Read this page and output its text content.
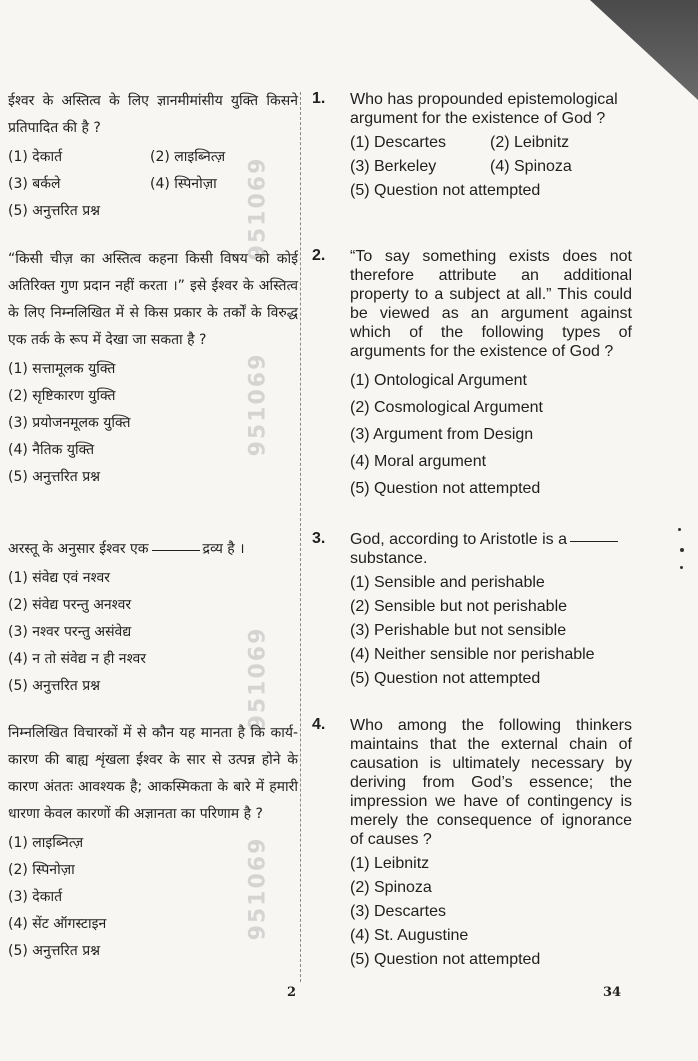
951069
951069
951069
951069

ईश्वर के अस्तित्व के लिए ज्ञानमीमांसीय युक्ति किसने प्रतिपादित की है ?

(1) देकार्त	(2) लाइब्नित्ज़
(3) बर्कले	(4) स्पिनोज़ा
(5) अनुत्तरित प्रश्न
1. Who has propounded epistemological argument for the existence of God ?
(1) Descartes	(2) Leibnitz
(3) Berkeley	(4) Spinoza
(5) Question not attempted

“किसी चीज़ का अस्तित्व कहना किसी विषय को कोई अतिरिक्त गुण प्रदान नहीं करता ।” इसे ईश्वर के अस्तित्व के लिए निम्नलिखित में से किस प्रकार के तर्कों के विरुद्ध एक तर्क के रूप में देखा जा सकता है ?

(1) सत्तामूलक युक्ति
(2) सृष्टिकारण युक्ति
(3) प्रयोजनमूलक युक्ति
(4) नैतिक युक्ति
(5) अनुत्तरित प्रश्न
2. “To say something exists does not therefore attribute an additional property to a subject at all.” This could be viewed as an argument against which of the following types of arguments for the existence of God ?
(1) Ontological Argument
(2) Cosmological Argument
(3) Argument from Design
(4) Moral argument
(5) Question not attempted

अरस्तू के अनुसार ईश्वर एक	द्रव्य है ।

(1) संवेद्य एवं नश्वर
(2) संवेद्य परन्तु अनश्वर
(3) नश्वर परन्तु असंवेद्य
(4) न तो संवेद्य न ही नश्वर
(5) अनुत्तरित प्रश्न
3. God, according to Aristotle is a
substance.
(1) Sensible and perishable
(2) Sensible but not perishable
(3) Perishable but not sensible
(4) Neither sensible nor perishable
(5) Question not attempted

निम्नलिखित विचारकों में से कौन यह मानता है कि कार्य-कारण की बाह्य शृंखला ईश्वर के सार से उत्पन्न होने के कारण अंततः आवश्यक है; आकस्मिकता के बारे में हमारी धारणा केवल कारणों की अज्ञानता का परिणाम है ?

(1) लाइब्नित्ज़
(2) स्पिनोज़ा
(3) देकार्त
(4) सेंट ऑगस्टाइन
(5) अनुत्तरित प्रश्न
4. Who among the following thinkers maintains that the external chain of causation is ultimately necessary by deriving from God’s essence; the impression we have of contingency is merely the consequence of ignorance of causes ?
(1) Leibnitz
(2) Spinoza
(3) Descartes
(4) St. Augustine
(5) Question not attempted
2	34
